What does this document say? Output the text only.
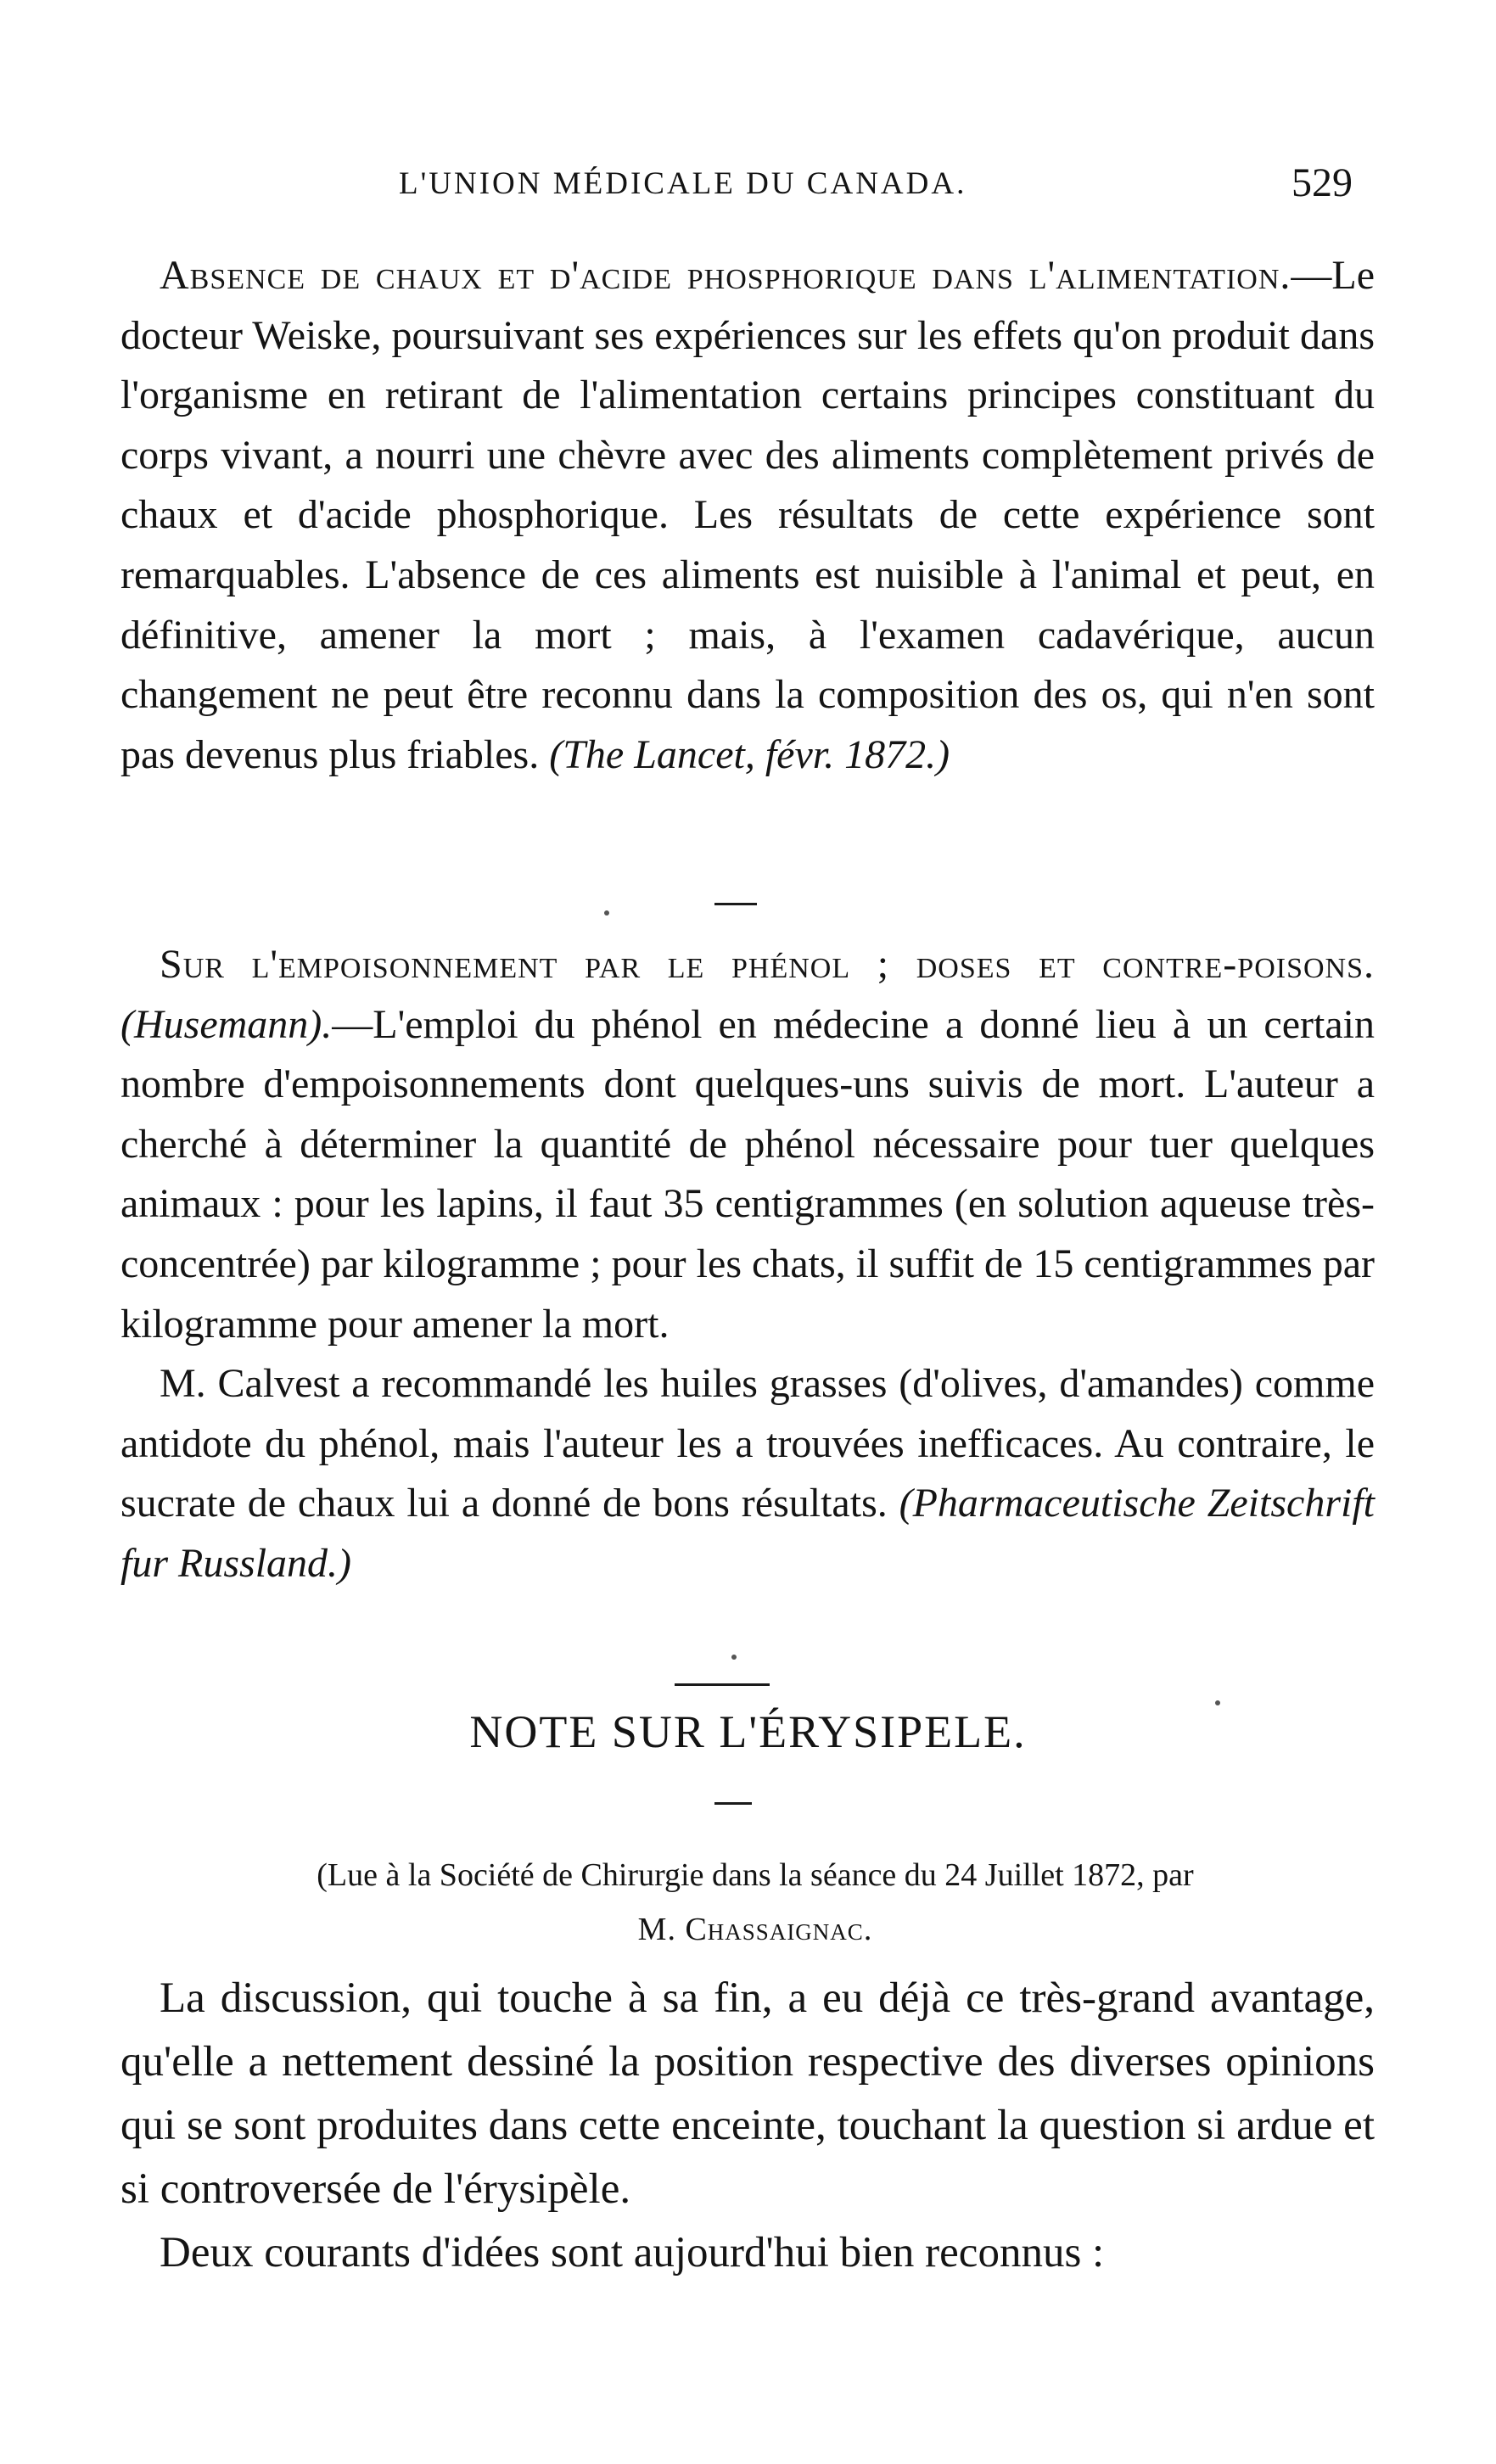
L'UNION MÉDICALE DU CANADA.	529

Absence de chaux et d'acide phosphorique dans l'alimentation.—Le docteur Weiske, poursuivant ses expériences sur les effets qu'on produit dans l'organisme en retirant de l'alimentation certains principes constituant du corps vivant, a nourri une chèvre avec des aliments complètement privés de chaux et d'acide phosphorique. Les résultats de cette expérience sont remarquables. L'absence de ces aliments est nuisible à l'animal et peut, en définitive, amener la mort ; mais, à l'examen cadavérique, aucun changement ne peut être reconnu dans la composition des os, qui n'en sont pas devenus plus friables. (The Lancet, févr. 1872.)

Sur l'empoisonnement par le phénol ; doses et contre-poisons. (Husemann).—L'emploi du phénol en médecine a donné lieu à un certain nombre d'empoisonnements dont quelques-uns suivis de mort. L'auteur a cherché à déterminer la quantité de phénol nécessaire pour tuer quelques animaux : pour les lapins, il faut 35 centigrammes (en solution aqueuse très-concentrée) par kilogramme ; pour les chats, il suffit de 15 centigrammes par kilogramme pour amener la mort.

M. Calvest a recommandé les huiles grasses (d'olives, d'amandes) comme antidote du phénol, mais l'auteur les a trouvées inefficaces. Au contraire, le sucrate de chaux lui a donné de bons résultats. (Pharmaceutische Zeitschrift fur Russland.)

NOTE SUR L'ÉRYSIPELE.
(Lue à la Société de Chirurgie dans la séance du 24 Juillet 1872, par
M. Chassaignac.

La discussion, qui touche à sa fin, a eu déjà ce très-grand avantage, qu'elle a nettement dessiné la position respective des diverses opinions qui se sont produites dans cette enceinte, touchant la question si ardue et si controversée de l'érysipèle.

Deux courants d'idées sont aujourd'hui bien reconnus :
